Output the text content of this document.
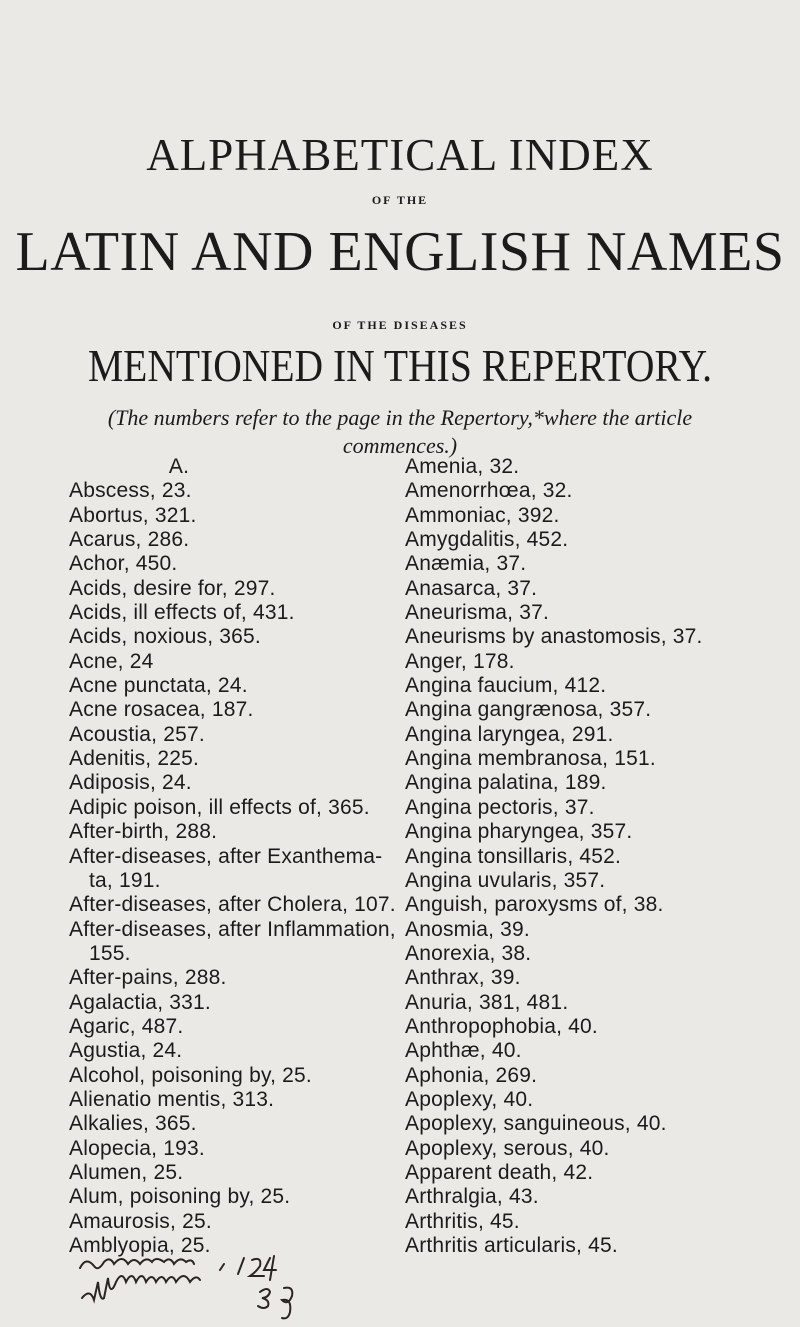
ALPHABETICAL INDEX
OF THE
LATIN AND ENGLISH NAMES
OF THE DISEASES
MENTIONED IN THIS REPERTORY.
(The numbers refer to the page in the Repertory,*where the article commences.)
A.
Abscess, 23.
Abortus, 321.
Acarus, 286.
Achor, 450.
Acids, desire for, 297.
Acids, ill effects of, 431.
Acids, noxious, 365.
Acne, 24
Acne punctata, 24.
Acne rosacea, 187.
Acoustia, 257.
Adenitis, 225.
Adiposis, 24.
Adipic poison, ill effects of, 365.
After-birth, 288.
After-diseases, after Exanthema-
ta, 191.
After-diseases, after Cholera, 107.
After-diseases, after Inflammation, 155.
After-pains, 288.
Agalactia, 331.
Agaric, 487.
Agustia, 24.
Alcohol, poisoning by, 25.
Alienatio mentis, 313.
Alkalies, 365.
Alopecia, 193.
Alumen, 25.
Alum, poisoning by, 25.
Amaurosis, 25.
Amblyopia, 25.
Amenia, 32.
Amenorrhœa, 32.
Ammoniac, 392.
Amygdalitis, 452.
Anæmia, 37.
Anasarca, 37.
Aneurisma, 37.
Aneurisms by anastomosis, 37.
Anger, 178.
Angina faucium, 412.
Angina gangrænosa, 357.
Angina laryngea, 291.
Angina membranosa, 151.
Angina palatina, 189.
Angina pectoris, 37.
Angina pharyngea, 357.
Angina tonsillaris, 452.
Angina uvularis, 357.
Anguish, paroxysms of, 38.
Anosmia, 39.
Anorexia, 38.
Anthrax, 39.
Anuria, 381, 481.
Anthropophobia, 40.
Aphthæ, 40.
Aphonia, 269.
Apoplexy, 40.
Apoplexy, sanguineous, 40.
Apoplexy, serous, 40.
Apparent death, 42.
Arthralgia, 43.
Arthritis, 45.
Arthritis articularis, 45.
